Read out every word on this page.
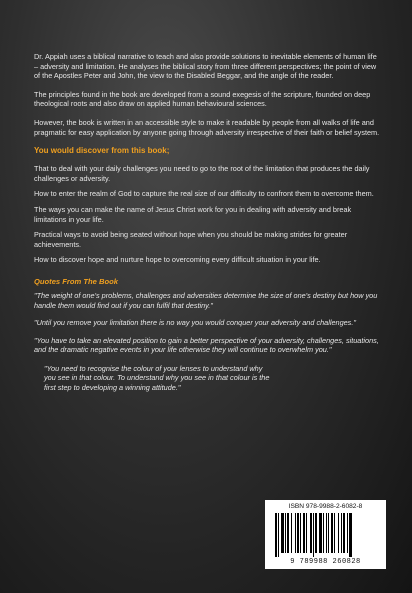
Dr. Appiah uses a biblical narrative to teach and also provide solutions to inevitable elements of human life – adversity and limitation. He analyses the biblical story from three different perspectives; the point of view of the Apostles Peter and John, the view to the Disabled Beggar, and the angle of the reader.

The principles found in the book are developed from a sound exegesis of the scripture, founded on deep theological roots and also draw on applied human behavioural sciences.

However, the book is written in an accessible style to make it readable by people from all walks of life and pragmatic for easy application by anyone going through adversity irrespective of their faith or belief system.

You would discover from this book;

That to deal with your daily challenges you need to go to the root of the limitation that produces the daily challenges or adversity.

How to enter the realm of God to capture the real size of our difficulty to confront them to overcome them.

The ways you can make the name of Jesus Christ work for you in dealing with adversity and break limitations in your life.

Practical ways to avoid being seated without hope when you should be making strides for greater achievements.

How to discover hope and nurture hope to overcoming every difficult situation in your life.

Quotes From The Book

"The weight of one's problems, challenges and adversities determine the size of one's destiny but how you handle them would find out if you can fulfil that destiny."

"Until you remove your limitation there is no way you would conquer your adversity and challenges."

"You have to take an elevated position to gain a better perspective of your adversity, challenges, situations, and the dramatic negative events in your life otherwise they will continue to overwhelm you."

"You need to recognise the colour of your lenses to understand why you see in that colour. To understand why you see in that colour is the first step to developing a winning attitude."

ISBN 978-9988-2-6082-8
9 789988 260828
